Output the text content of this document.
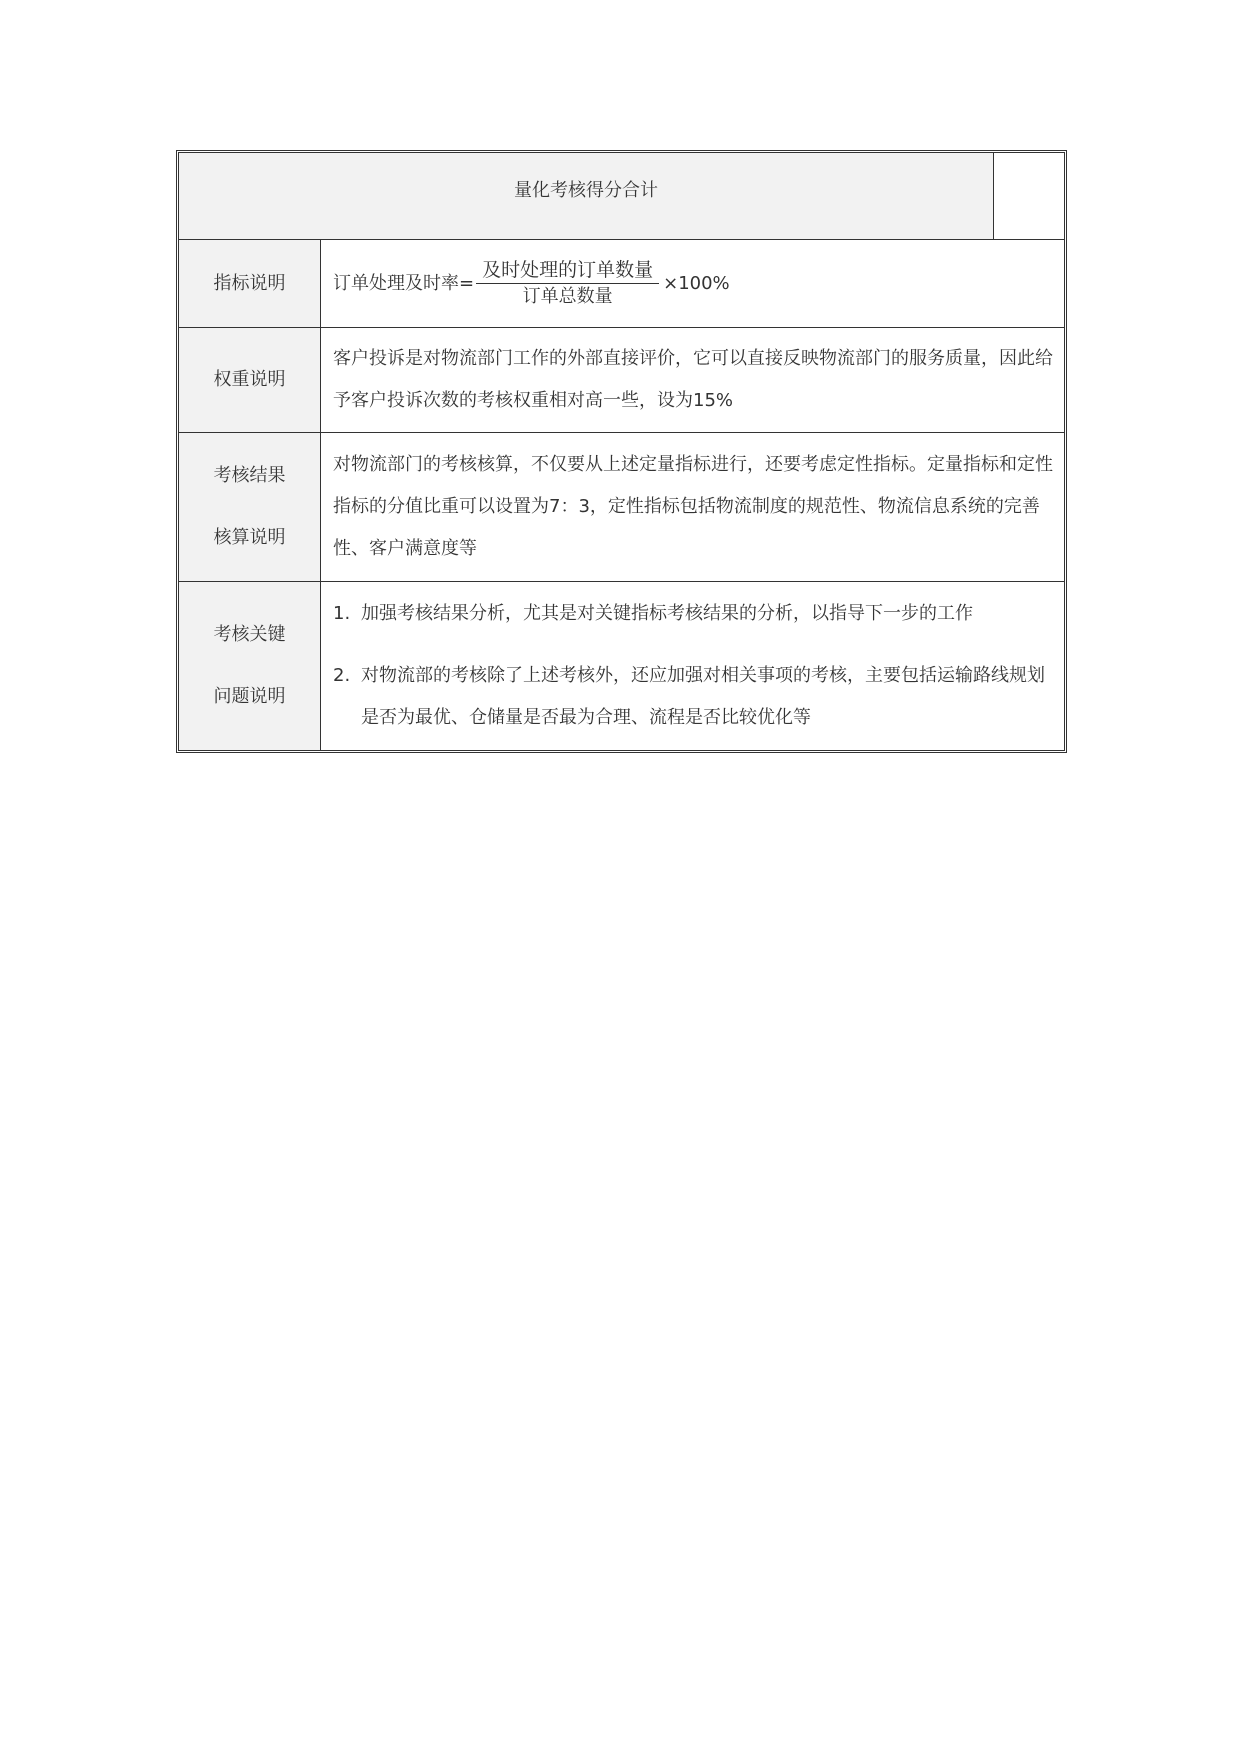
量化考核得分合计
指标说明	订单处理及时率= $\frac{\text{及时处理的订单数量}}{\text{订单总数量}} \times 100\%$
权重说明
客户投诉是对物流部门工作的外部直接评价，它可以直接反映物流部门的服务质量，因此给予客户投诉次数的考核权重相对高一些，设为15%
考核结果
核算说明
对物流部门的考核核算，不仅要从上述定量指标进行，还要考虑定性指标。定量指标和定性指标的分值比重可以设置为7：3，定性指标包括物流制度的规范性、物流信息系统的完善性、客户满意度等
考核关键
问题说明
1. 加强考核结果分析，尤其是对关键指标考核结果的分析，以指导下一步的工作
2. 对物流部的考核除了上述考核外，还应加强对相关事项的考核，主要包括运输路线规划是否为最优、仓储量是否最为合理、流程是否比较优化等
